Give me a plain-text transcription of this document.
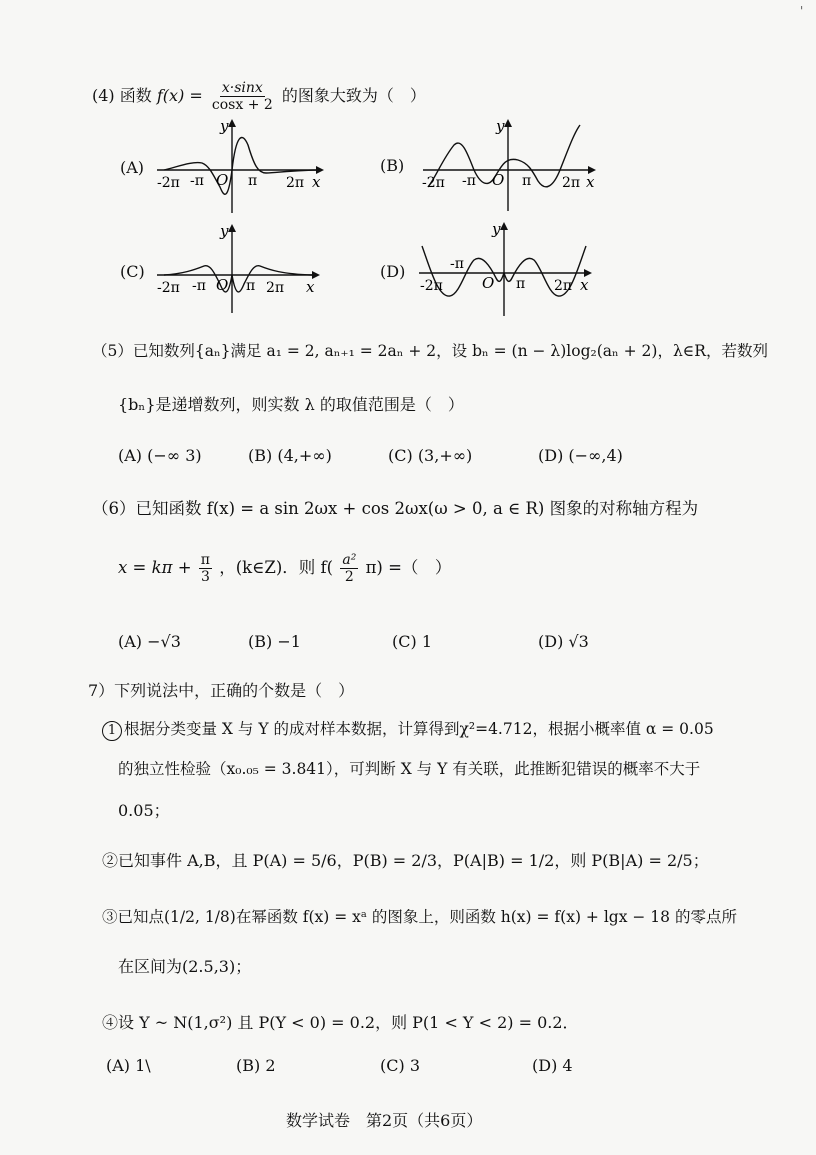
'
(4) 函数 $f(x) = \frac{x\cdot\sin x}{\cos x + 2}$ 的图象大致为（　）
(A)
-2π -π O π 2π x
y
(B)
-2π -π O π 2π x
y
(C)
-2π -π O π 2π x
y
(D)
-2π
-π
O π 2π x
y
（5）已知数列{aₙ}满足 a₁ = 2, aₙ₊₁ = 2aₙ + 2，设 bₙ = (n − λ)log₂(aₙ + 2)，λ∈R，若数列
{bₙ}是递增数列，则实数 λ 的取值范围是（　）
(A) (−∞ 3)	(B) (4,+∞)	(C) (3,+∞)	(D) (−∞,4)
（6）已知函数 f(x) = a sin 2ωx + cos 2ωx(ω > 0, a ∈ R) 图象的对称轴方程为
$x = k\pi + \frac{\pi}{3}$ ，(k∈Z)．则 $f( \frac{\text{a²}}{2} \pi)$ =（　）
(A) −√3	(B) −1	(C) 1	(D) √3
7）下列说法中，正确的个数是（　）
1 根据分类变量 X 与 Y 的成对样本数据，计算得到χ²=4.712，根据小概率值 α = 0.05
的独立性检验（x₀.₀₅ = 3.841），可判断 X 与 Y 有关联，此推断犯错误的概率不大于
0.05；
②已知事件 A,B，且 P(A) = 5/6，P(B) = 2/3，P(A|B) = 1/2，则 P(B|A) = 2/5；
③已知点(1/2, 1/8)在幂函数 f(x) = xᵃ 的图象上，则函数 h(x) = f(x) + lgx − 18 的零点所
在区间为(2.5,3)；
④设 Y ~ N(1,σ²) 且 P(Y < 0) = 0.2，则 P(1 < Y < 2) = 0.2．
(A) 1\	(B) 2	(C) 3	(D) 4
数学试卷　第2页（共6页）
